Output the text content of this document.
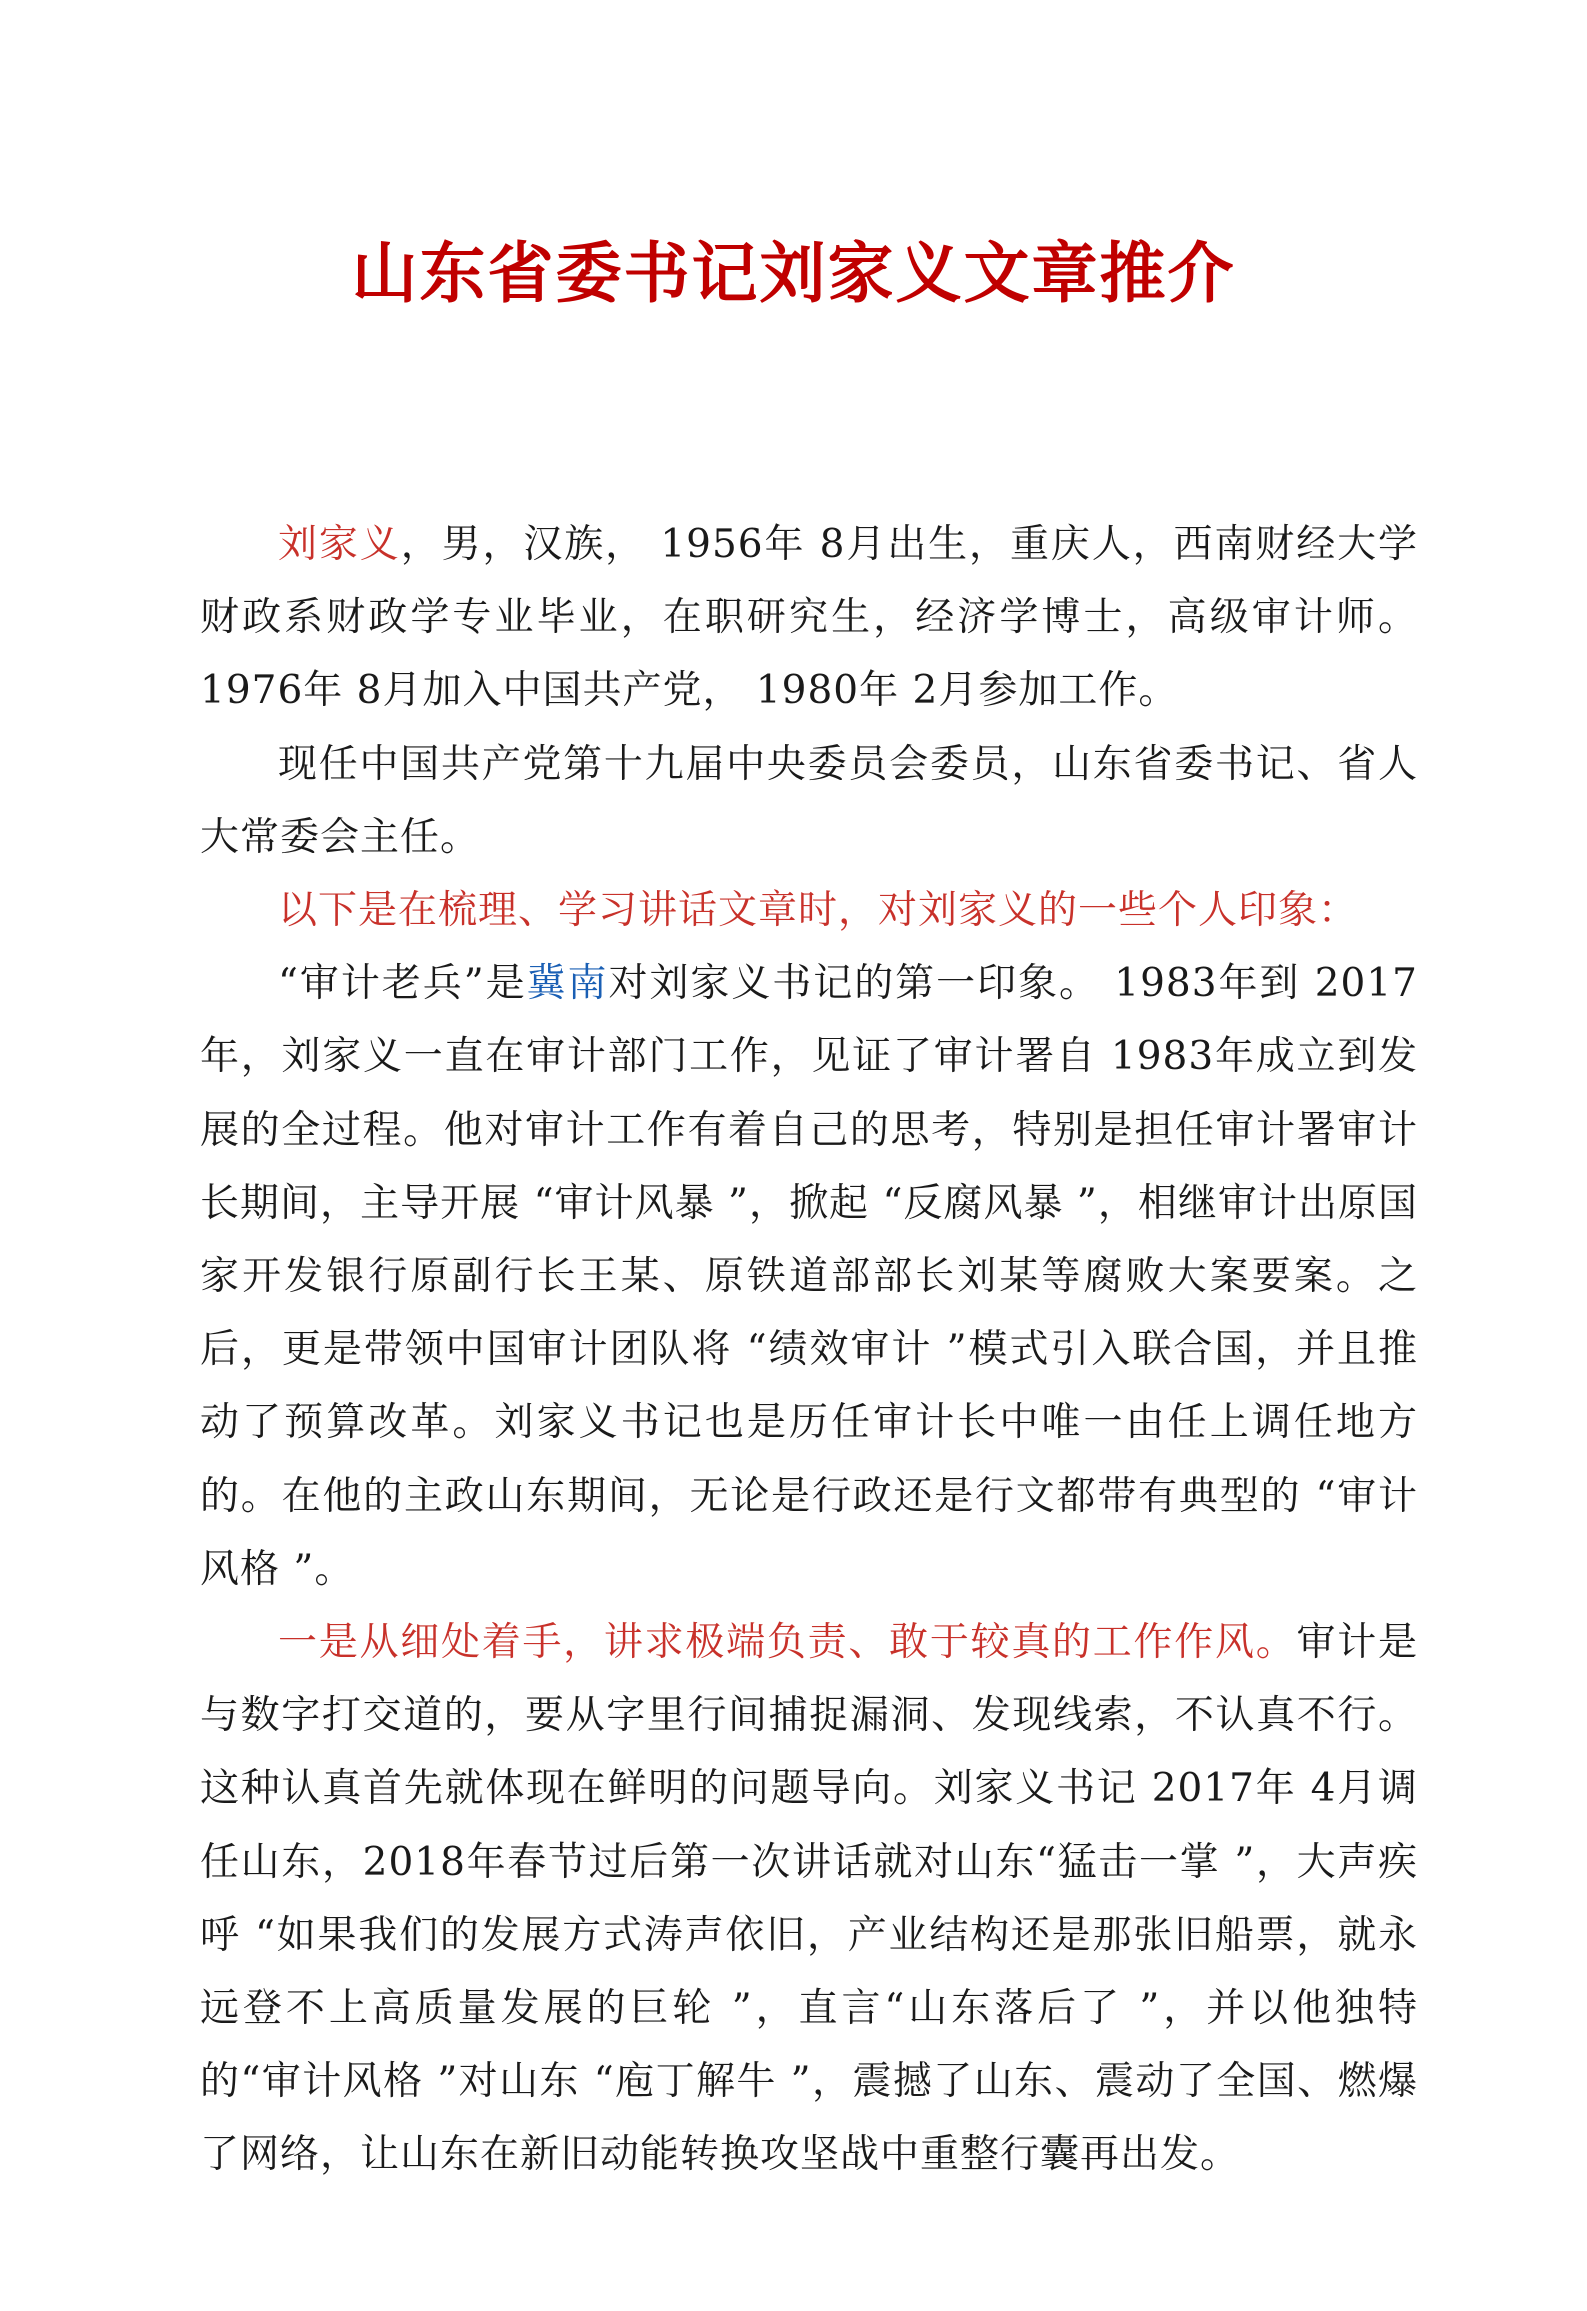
山东省委书记刘家义文章推介

刘家义，男，汉族， 1956年 8月出生，重庆人，西南财经大学财政系财政学专业毕业，在职研究生，经济学博士，高级审计师。 1976年 8月加入中国共产党， 1980年 2月参加工作。

现任中国共产党第十九届中央委员会委员，山东省委书记、省人大常委会主任。

以下是在梳理、学习讲话文章时，对刘家义的一些个人印象：

“审计老兵”是冀南对刘家义书记的第一印象。 1983年到 2017年，刘家义一直在审计部门工作，见证了审计署自 1983年成立到发展的全过程。他对审计工作有着自己的思考，特别是担任审计署审计长期间，主导开展 “审计风暴 ”，掀起 “反腐风暴 ”，相继审计出原国家开发银行原副行长王某、原铁道部部长刘某等腐败大案要案。之后，更是带领中国审计团队将 “绩效审计 ”模式引入联合国，并且推动了预算改革。刘家义书记也是历任审计长中唯一由任上调任地方的。在他的主政山东期间，无论是行政还是行文都带有典型的 “审计风格 ”。

一是从细处着手，讲求极端负责、敢于较真的工作作风。审计是与数字打交道的，要从字里行间捕捉漏洞、发现线索，不认真不行。这种认真首先就体现在鲜明的问题导向。刘家义书记 2017年 4月调任山东，2018年春节过后第一次讲话就对山东“猛击一掌 ”，大声疾呼 “如果我们的发展方式涛声依旧，产业结构还是那张旧船票，就永远登不上高质量发展的巨轮 ”，直言“山东落后了 ”，并以他独特的“审计风格 ”对山东 “庖丁解牛 ”，震撼了山东、震动了全国、燃爆了网络，让山东在新旧动能转换攻坚战中重整行囊再出发。
